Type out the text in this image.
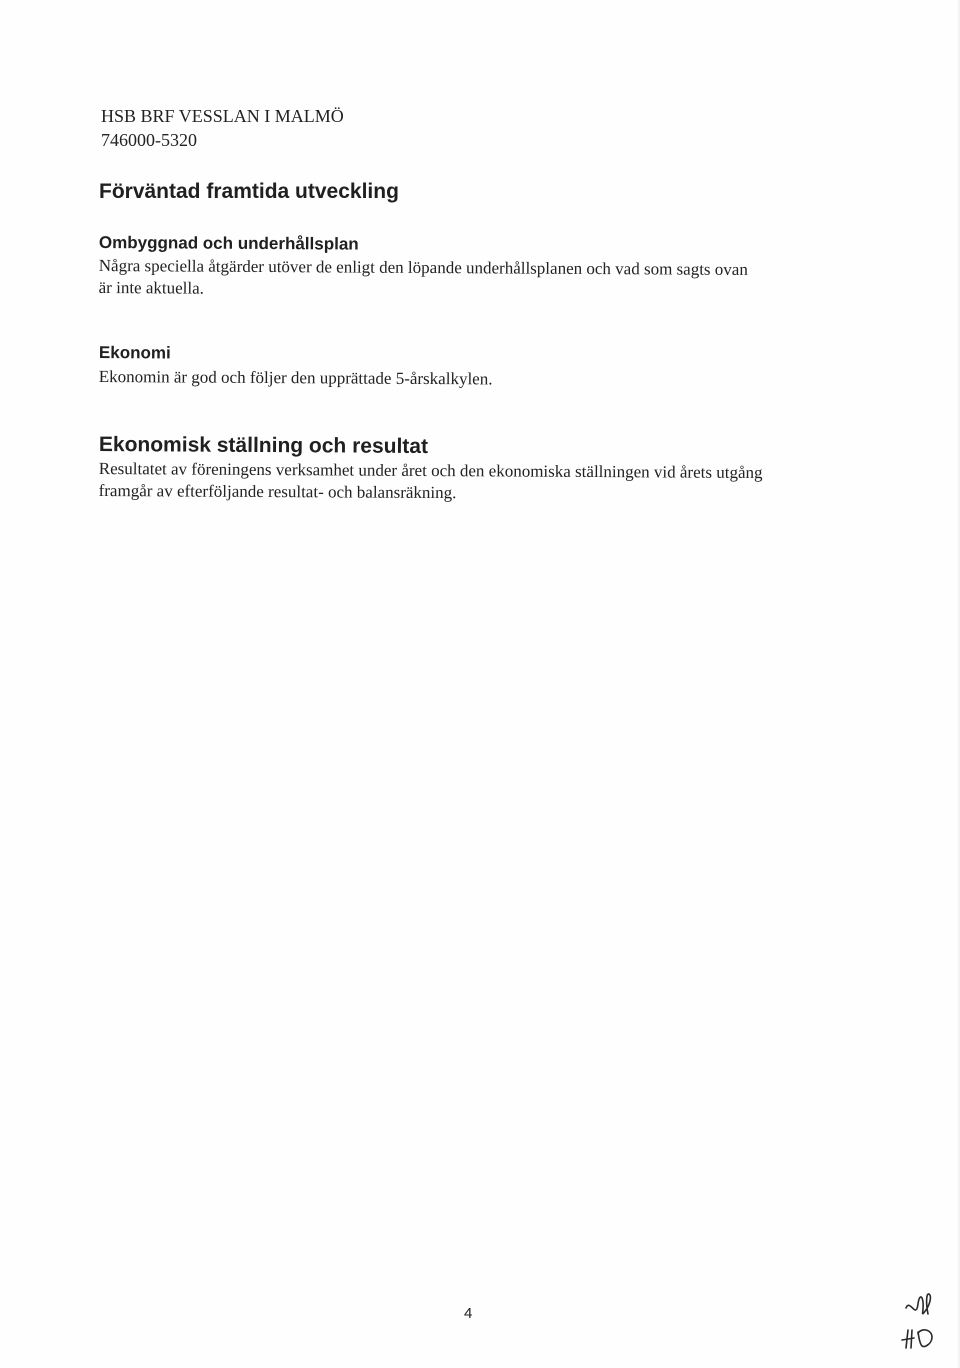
HSB BRF VESSLAN I MALMÖ
746000-5320
Förväntad framtida utveckling
Ombyggnad och underhållsplan

Några speciella åtgärder utöver de enligt den löpande underhållsplanen och vad som sagts ovan

är inte aktuella.

Ekonomi

Ekonomin är god och följer den upprättade 5-årskalkylen.

Ekonomisk ställning och resultat

Resultatet av föreningens verksamhet under året och den ekonomiska ställningen vid årets utgång

framgår av efterföljande resultat- och balansräkning.

4
